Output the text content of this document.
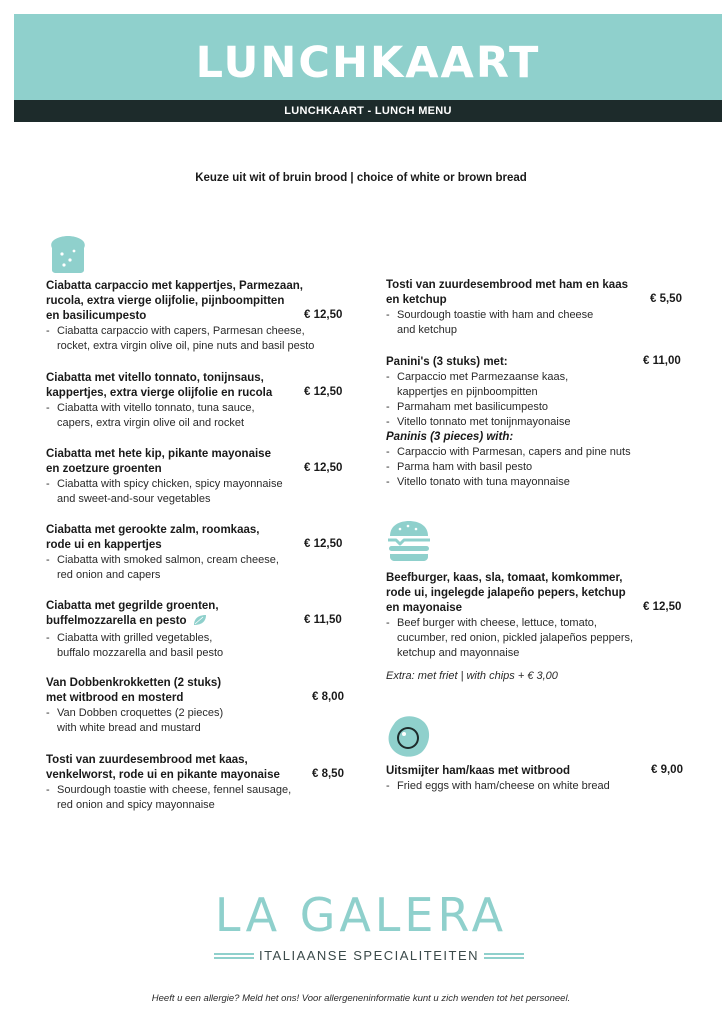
LUNCHKAART
LUNCHKAART - LUNCH MENU
Keuze uit wit of bruin brood | choice of white or brown bread
Ciabatta carpaccio met kappertjes, Parmezaan,
rucola, extra vierge olijfolie, pijnboompitten
en basilicumpesto
- Ciabatta carpaccio with capers, Parmesan cheese,
rocket, extra virgin olive oil, pine nuts and basil pesto
€ 12,50
Ciabatta met vitello tonnato, tonijnsaus,
kappertjes, extra vierge olijfolie en rucola
- Ciabatta with vitello tonnato, tuna sauce,
capers, extra virgin olive oil and rocket
€ 12,50
Ciabatta met hete kip, pikante mayonaise
en zoetzure groenten
- Ciabatta with spicy chicken, spicy mayonnaise
and sweet-and-sour vegetables
€ 12,50
Ciabatta met gerookte zalm, roomkaas,
rode ui en kappertjes
- Ciabatta with smoked salmon, cream cheese,
red onion and capers
€ 12,50
Ciabatta met gegrilde groenten,
buffelmozzarella en pesto
- Ciabatta with grilled vegetables,
buffalo mozzarella and basil pesto
€ 11,50
Van Dobbenkrokketten (2 stuks)
met witbrood en mosterd
- Van Dobben croquettes (2 pieces)
with white bread and mustard
€ 8,00
Tosti van zuurdesembrood met kaas,
venkelworst, rode ui en pikante mayonaise
- Sourdough toastie with cheese, fennel sausage,
red onion and spicy mayonnaise
€ 8,50
Tosti van zuurdesembrood met ham en kaas
en ketchup
- Sourdough toastie with ham and cheese
and ketchup
€ 5,50
Panini's (3 stuks) met:
- Carpaccio met Parmezaanse kaas,
kappertjes en pijnboompitten
- Parmaham met basilicumpesto
- Vitello tonnato met tonijnmayonaise
Paninis (3 pieces) with:
- Carpaccio with Parmesan, capers and pine nuts
- Parma ham with basil pesto
- Vitello tonato with tuna mayonnaise
€ 11,00
Beefburger, kaas, sla, tomaat, komkommer,
rode ui, ingelegde jalapeño pepers, ketchup
en mayonaise
- Beef burger with cheese, lettuce, tomato,
cucumber, red onion, pickled jalapeños peppers,
ketchup and mayonnaise
€ 12,50
Extra: met friet | with chips + € 3,00
Uitsmijter ham/kaas met witbrood
- Fried eggs with ham/cheese on white bread
€ 9,00
LA GALERA
ITALIAANSE SPECIALITEITEN
Heeft u een allergie? Meld het ons! Voor allergeneninformatie kunt u zich wenden tot het personeel.
